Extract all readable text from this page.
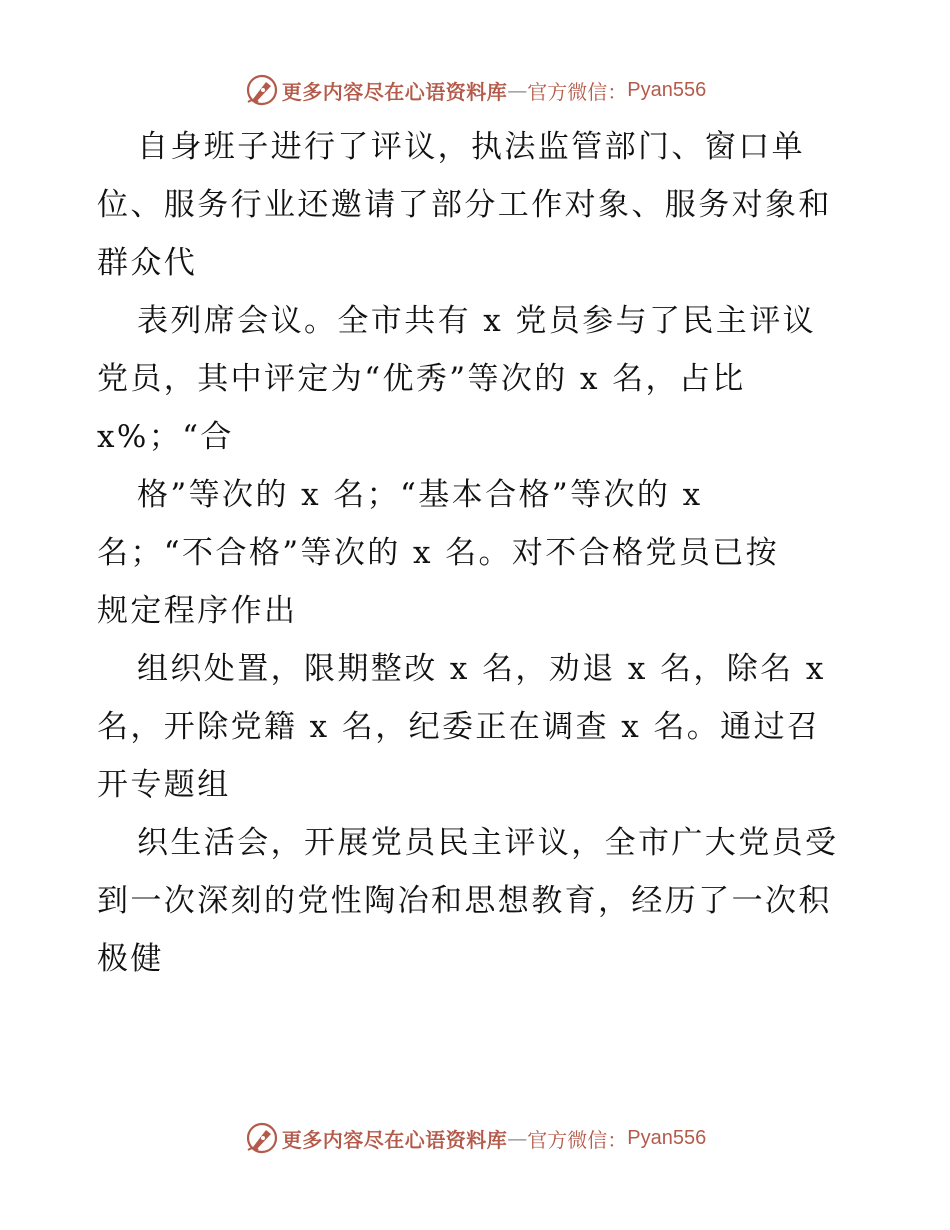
更多内容尽在心语资料库 — 官方微信： Pyan556
自身班子进行了评议，执法监管部门、窗口单
位、服务行业还邀请了部分工作对象、服务对象和
群众代
表列席会议。全市共有 x 党员参与了民主评议
党员，其中评定为“优秀”等次的 x 名，占比
x%；“合
格”等次的 x 名；“基本合格”等次的 x
名；“不合格”等次的 x 名。对不合格党员已按
规定程序作出
组织处置，限期整改 x 名，劝退 x 名，除名 x
名，开除党籍 x 名，纪委正在调查 x 名。通过召
开专题组
织生活会，开展党员民主评议，全市广大党员受
到一次深刻的党性陶冶和思想教育，经历了一次积
极健
更多内容尽在心语资料库 — 官方微信： Pyan556
